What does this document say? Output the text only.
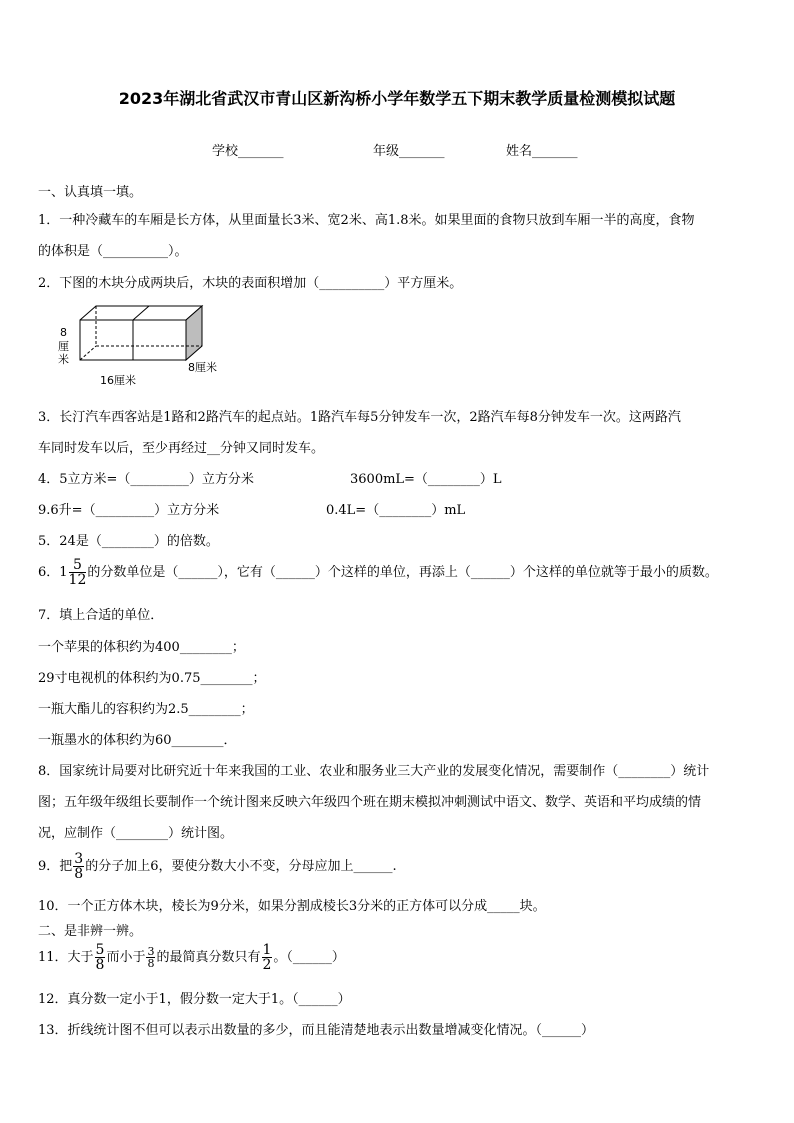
2023年湖北省武汉市青山区新沟桥小学年数学五下期末教学质量检测模拟试题
学校_______	年级_______	姓名_______
一、认真填一填。
1．一种冷藏车的车厢是长方体，从里面量长3米、宽2米、高1.8米。如果里面的食物只放到车厢一半的高度，食物
的体积是（__________）。
2．下图的木块分成两块后，木块的表面积增加（__________）平方厘米。
8
厘
米
16厘米
8厘米
3．长汀汽车西客站是1路和2路汽车的起点站。1路汽车每5分钟发车一次，2路汽车每8分钟发车一次。这两路汽
车同时发车以后，至少再经过__分钟又同时发车。
4．5立方米=（_________）立方分米	3600mL=（________）L
9.6升=（_________）立方分米	0.4L=（________）mL
5．24是（________）的倍数。
6．$1 \frac{5}{12}$ 的分数单位是（______），它有（______）个这样的单位，再添上（______）个这样的单位就等于最小的质数。
7．填上合适的单位．
一个苹果的体积约为400________；
29寸电视机的体积约为0.75________；
一瓶大酯儿的容积约为2.5________；
一瓶墨水的体积约为60________．
8．国家统计局要对比研究近十年来我国的工业、农业和服务业三大产业的发展变化情况，需要制作（________）统计
图；五年级年级组长要制作一个统计图来反映六年级四个班在期末模拟冲刺测试中语文、数学、英语和平均成绩的情
况，应制作（________）统计图。
9．把 $\frac{3}{8}$ 的分子加上6，要使分数大小不变，分母应加上______.
10．一个正方体木块，棱长为9分米，如果分割成棱长3分米的正方体可以分成_____块。
二、是非辨一辨。
11．大于 $\frac{5}{8}$ 而小于 $\frac{3}{8}$ 的最简真分数只有 $\frac{1}{2}$ 。（______）
12．真分数一定小于1，假分数一定大于1。（______）
13．折线统计图不但可以表示出数量的多少，而且能清楚地表示出数量增减变化情况。（______）
